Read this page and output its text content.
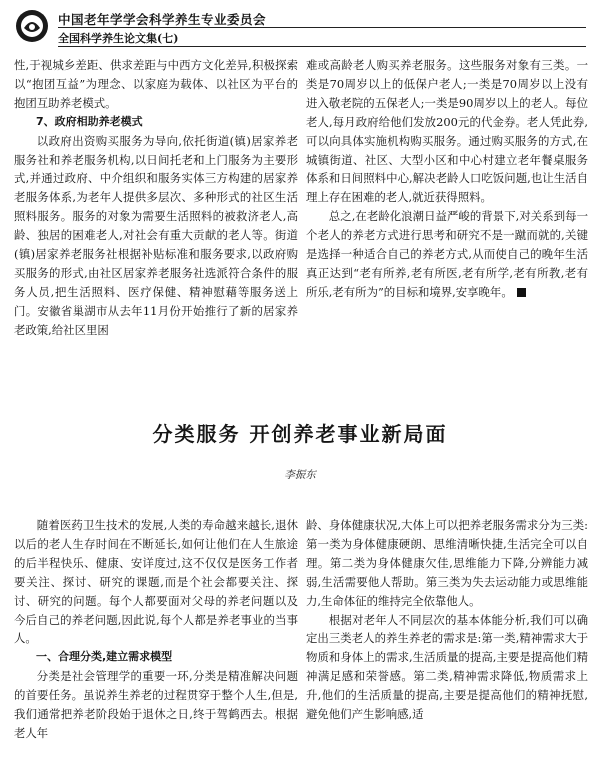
中国老年学学会科学养生专业委员会
全国科学养生论文集(七)

性,于视城乡差距、供求差距与中西方文化差异,积极探索以“抱团互益”为理念、以家庭为载体、以社区为平台的抱团互助养老模式。

7、政府相助养老模式

以政府出资购买服务为导向,依托街道(镇)居家养老服务社和养老服务机构,以日间托老和上门服务为主要形式,并通过政府、中介组织和服务实体三方构建的居家养老服务体系,为老年人提供多层次、多种形式的社区生活照料服务。服务的对象为需要生活照料的被救济老人,高龄、独居的困难老人,对社会有重大贡献的老人等。街道(镇)居家养老服务社根据补贴标准和服务要求,以政府购买服务的形式,由社区居家养老服务社选派符合条件的服务人员,把生活照料、医疗保健、精神慰藉等服务送上门。安徽省巢湖市从去年11月份开始推行了新的居家养老政策,给社区里困

难或高龄老人购买养老服务。这些服务对象有三类。一类是70周岁以上的低保户老人;一类是70周岁以上没有进入敬老院的五保老人;一类是90周岁以上的老人。每位老人,每月政府给他们发放200元的代金券。老人凭此券,可以向具体实施机构购买服务。通过购买服务的方式,在城镇街道、社区、大型小区和中心村建立老年餐桌服务体系和日间照料中心,解决老龄人口吃饭问题,也让生活自理上存在困难的老人,就近获得照料。

总之,在老龄化浪潮日益严峻的背景下,对关系到每一个老人的养老方式进行思考和研究不是一蹴而就的,关键是选择一种适合自己的养老方式,从而使自己的晚年生活真正达到“老有所养,老有所医,老有所学,老有所教,老有所乐,老有所为”的目标和境界,安享晚年。

分类服务 开创养老事业新局面
李振东

随着医药卫生技术的发展,人类的寿命越来越长,退休以后的老人生存时间在不断延长,如何让他们在人生旅途的后半程快乐、健康、安详度过,这不仅仅是医务工作者要关注、探讨、研究的课题,而是个社会都要关注、探讨、研究的问题。每个人都要面对父母的养老问题以及今后自己的养老问题,因此说,每个人都是养老事业的当事人。

一、合理分类,建立需求模型

分类是社会管理学的重要一环,分类是精准解决问题的首要任务。虽说养生养老的过程贯穿于整个人生,但是,我们通常把养老阶段始于退休之日,终于驾鹤西去。根据老人年

龄、身体健康状况,大体上可以把养老服务需求分为三类:第一类为身体健康硬朗、思维清晰快捷,生活完全可以自理。第二类为身体健康欠佳,思维能力下降,分辨能力减弱,生活需要他人帮助。第三类为失去运动能力或思维能力,生命体征的维持完全依靠他人。

根据对老年人不同层次的基本体能分析,我们可以确定出三类老人的养生养老的需求是:第一类,精神需求大于物质和身体上的需求,生活质量的提高,主要是提高他们精神满足感和荣誉感。第二类,精神需求降低,物质需求上升,他们的生活质量的提高,主要是提高他们的精神抚慰,避免他们产生影响感,适
